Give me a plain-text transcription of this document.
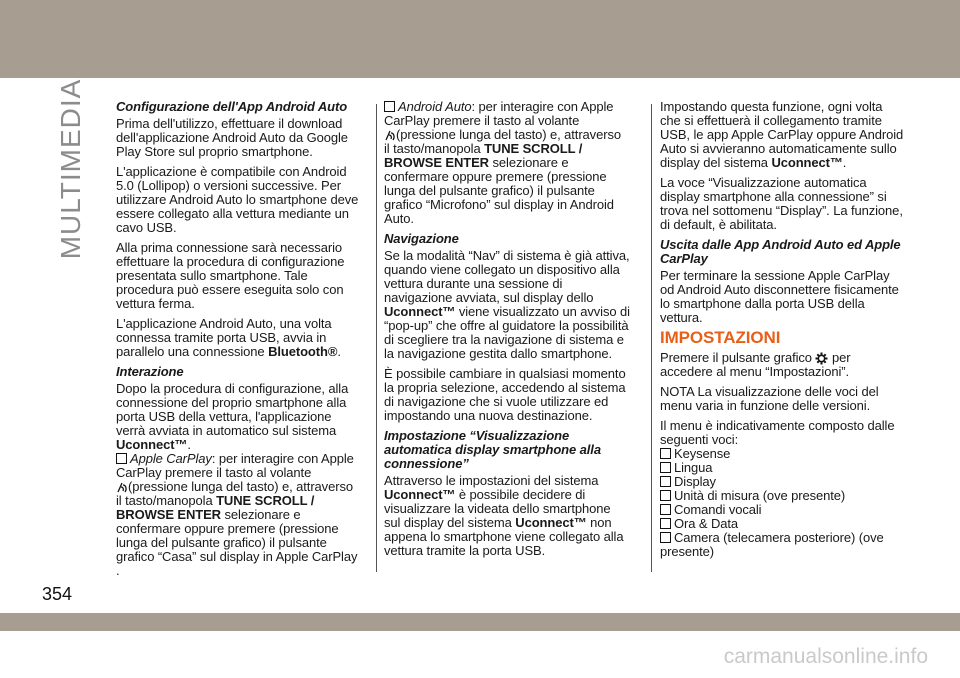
MULTIMEDIA Configurazione dell'App Android Auto

Prima dell'utilizzo, effettuare il download dell'applicazione Android Auto da Google Play Store sul proprio smartphone.

L'applicazione è compatibile con Android 5.0 (Lollipop) o versioni successive. Per utilizzare Android Auto lo smartphone deve essere collegato alla vettura mediante un cavo USB.

Alla prima connessione sarà necessario effettuare la procedura di configurazione presentata sullo smartphone. Tale procedura può essere eseguita solo con vettura ferma.

L'applicazione Android Auto, una volta connessa tramite porta USB, avvia in parallelo una connessione Bluetooth®.

Interazione

Dopo la procedura di configurazione, alla connessione del proprio smartphone alla porta USB della vettura, l'applicazione verrà avviata in automatico sul sistema Uconnect™.

Apple CarPlay: per interagire con Apple CarPlay premere il tasto al volante
(pressione lunga del tasto) e, attraverso il tasto/manopola TUNE SCROLL / BROWSE ENTER selezionare e confermare oppure premere (pressione lunga del pulsante grafico) il pulsante grafico “Casa” sul display in Apple CarPlay .

Android Auto: per interagire con Apple CarPlay premere il tasto al volante
(pressione lunga del tasto) e, attraverso il tasto/manopola TUNE SCROLL / BROWSE ENTER selezionare e confermare oppure premere (pressione lunga del pulsante grafico) il pulsante grafico “Microfono” sul display in Android Auto.

Navigazione

Se la modalità “Nav” di sistema è già attiva, quando viene collegato un dispositivo alla vettura durante una sessione di navigazione avviata, sul display dello Uconnect™ viene visualizzato un avviso di “pop-up” che offre al guidatore la possibilità di scegliere tra la navigazione di sistema e la navigazione gestita dallo smartphone.

È possibile cambiare in qualsiasi momento la propria selezione, accedendo al sistema di navigazione che si vuole utilizzare ed impostando una nuova destinazione.

Impostazione “Visualizzazione automatica display smartphone alla connessione”

Attraverso le impostazioni del sistema Uconnect™ è possibile decidere di visualizzare la videata dello smartphone sul display del sistema Uconnect™ non appena lo smartphone viene collegato alla vettura tramite la porta USB.

Impostando questa funzione, ogni volta che si effettuerà il collegamento tramite USB, le app Apple CarPlay oppure Android Auto si avvieranno automaticamente sullo display del sistema Uconnect™.

La voce “Visualizzazione automatica display smartphone alla connessione” si trova nel sottomenu “Display”. La funzione, di default, è abilitata.

Uscita dalle App Android Auto ed Apple CarPlay

Per terminare la sessione Apple CarPlay od Android Auto disconnettere fisicamente lo smartphone dalla porta USB della vettura.

IMPOSTAZIONI

Premere il pulsante grafico  per accedere al menu “Impostazioni”.

NOTA La visualizzazione delle voci del menu varia in funzione delle versioni.

Il menu è indicativamente composto dalle seguenti voci:

Keysense
Lingua
Display
Unità di misura (ove presente)
Comandi vocali
Ora & Data
Camera (telecamera posteriore) (ove presente)
354
carmanualsonline.info
